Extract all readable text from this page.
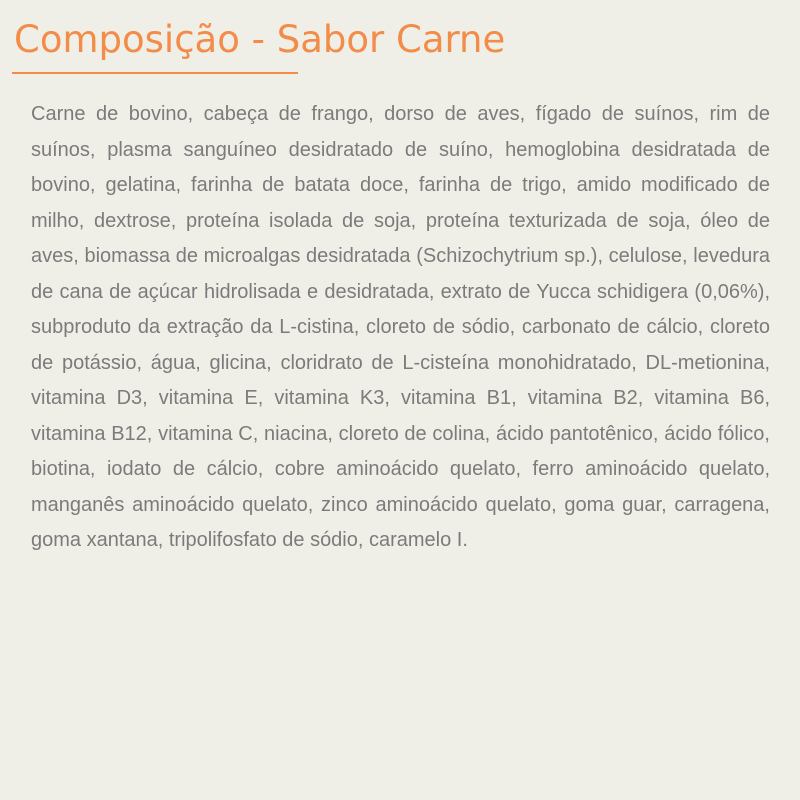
Composição - Sabor Carne

Carne de bovino, cabeça de frango, dorso de aves, fígado de suínos, rim de suínos, plasma sanguíneo desidratado de suíno, hemoglobina desidratada de bovino, gelatina, farinha de batata doce, farinha de trigo, amido modificado de milho, dextrose, proteína isolada de soja, proteína texturizada de soja, óleo de aves, biomassa de microalgas desidratada (Schizochytrium sp.), celulose, levedura de cana de açúcar hidrolisada e desidratada, extrato de Yucca schidigera (0,06%), subproduto da extração da L-cistina, cloreto de sódio, carbonato de cálcio, cloreto de potássio, água, glicina, cloridrato de L-cisteína monohidratado, DL-metionina, vitamina D3, vitamina E, vitamina K3, vitamina B1, vitamina B2, vitamina B6, vitamina B12, vitamina C, niacina, cloreto de colina, ácido pantotênico, ácido fólico, biotina, iodato de cálcio, cobre aminoácido quelato, ferro aminoácido quelato, manganês aminoácido quelato, zinco aminoácido quelato, goma guar, carragena, goma xantana, tripolifosfato de sódio, caramelo I.
